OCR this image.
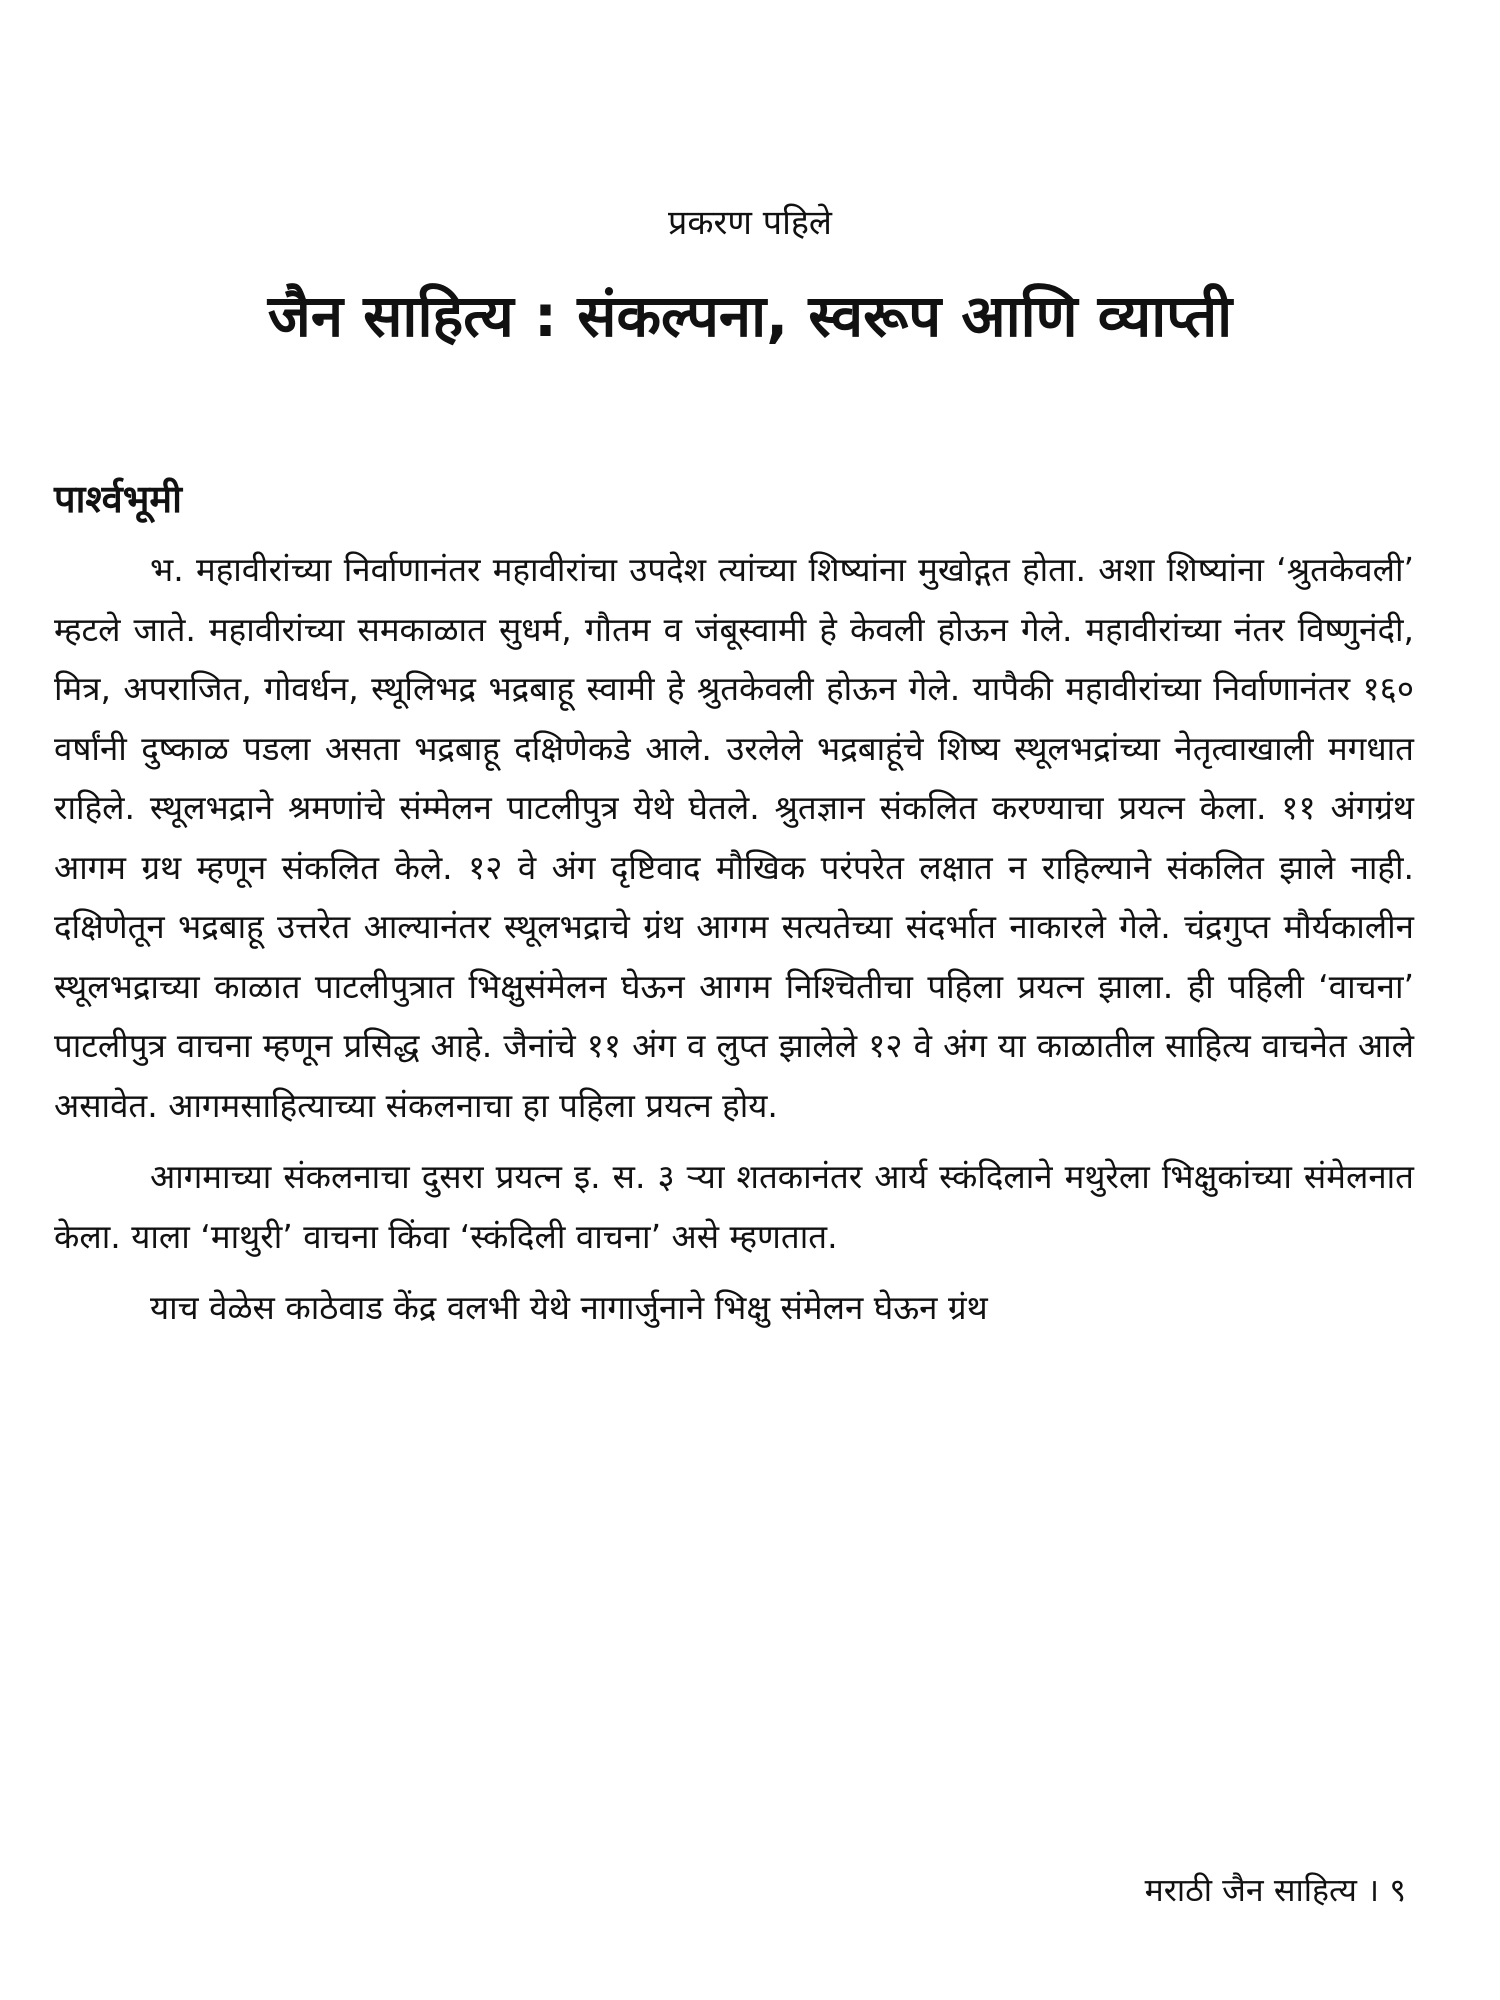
प्रकरण पहिले
जैन साहित्य : संकल्पना, स्वरूप आणि व्याप्ती
पार्श्वभूमी

भ. महावीरांच्या निर्वाणानंतर महावीरांचा उपदेश त्यांच्या शिष्यांना मुखोद्गत होता. अशा शिष्यांना ‘श्रुतकेवली’ म्हटले जाते. महावीरांच्या समकाळात सुधर्म, गौतम व जंबूस्वामी हे केवली होऊन गेले. महावीरांच्या नंतर विष्णुनंदी, मित्र, अपराजित, गोवर्धन, स्थूलिभद्र भद्रबाहू स्वामी हे श्रुतकेवली होऊन गेले. यापैकी महावीरांच्या निर्वाणानंतर १६० वर्षांनी दुष्काळ पडला असता भद्रबाहू दक्षिणेकडे आले. उरलेले भद्रबाहूंचे शिष्य स्थूलभद्रांच्या नेतृत्वाखाली मगधात राहिले. स्थूलभद्राने श्रमणांचे संम्मेलन पाटलीपुत्र येथे घेतले. श्रुतज्ञान संकलित करण्याचा प्रयत्न केला. ११ अंगग्रंथ आगम ग्रथ म्हणून संकलित केले. १२ वे अंग दृष्टिवाद मौखिक परंपरेत लक्षात न राहिल्याने संकलित झाले नाही. दक्षिणेतून भद्रबाहू उत्तरेत आल्यानंतर स्थूलभद्राचे ग्रंथ आगम सत्यतेच्या संदर्भात नाकारले गेले. चंद्रगुप्त मौर्यकालीन स्थूलभद्राच्या काळात पाटलीपुत्रात भिक्षुसंमेलन घेऊन आगम निश्चितीचा पहिला प्रयत्न झाला. ही पहिली ‘वाचना’ पाटलीपुत्र वाचना म्हणून प्रसिद्ध आहे. जैनांचे ११ अंग व लुप्त झालेले १२ वे अंग या काळातील साहित्य वाचनेत आले असावेत. आगमसाहित्याच्या संकलनाचा हा पहिला प्रयत्न होय.

आगमाच्या संकलनाचा दुसरा प्रयत्न इ. स. ३ ऱ्या शतकानंतर आर्य स्कंदिलाने मथुरेला भिक्षुकांच्या संमेलनात केला. याला ‘माथुरी’ वाचना किंवा ‘स्कंदिली वाचना’ असे म्हणतात.

याच वेळेस काठेवाड केंद्र वलभी येथे नागार्जुनाने भिक्षु संमेलन घेऊन ग्रंथ

मराठी जैन साहित्य । ९
